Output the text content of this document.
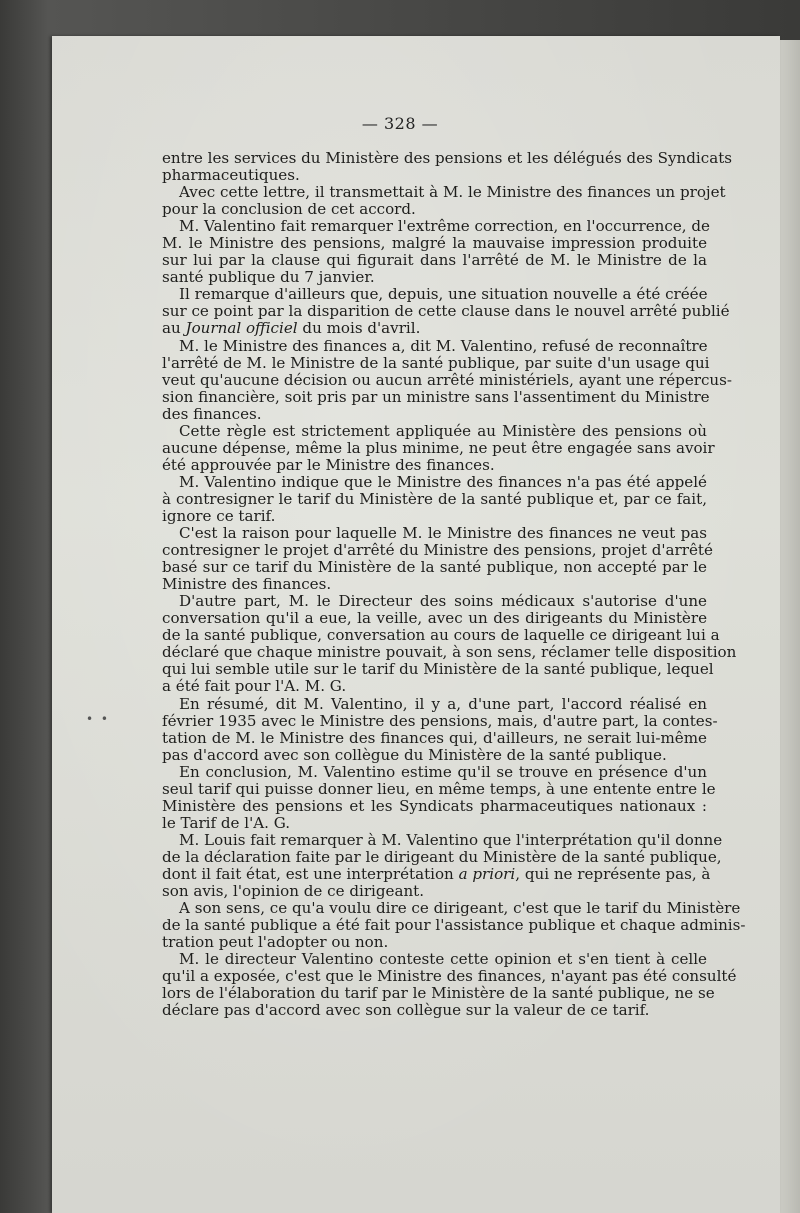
— 328 —
• •
entre les services du Ministère des pensions et les délégués des Syndicats
pharmaceutiques.
Avec cette lettre, il transmettait à M. le Ministre des finances un projet
pour la conclusion de cet accord.
M. Valentino fait remarquer l'extrême correction, en l'occurrence, de
M. le Ministre des pensions, malgré la mauvaise impression produite
sur lui par la clause qui figurait dans l'arrêté de M. le Ministre de la
santé publique du 7 janvier.
Il remarque d'ailleurs que, depuis, une situation nouvelle a été créée
sur ce point par la disparition de cette clause dans le nouvel arrêté publié
au Journal officiel du mois d'avril.
M. le Ministre des finances a, dit M. Valentino, refusé de reconnaître
l'arrêté de M. le Ministre de la santé publique, par suite d'un usage qui
veut qu'aucune décision ou aucun arrêté ministériels, ayant une répercus-
sion financière, soit pris par un ministre sans l'assentiment du Ministre
des finances.
Cette règle est strictement appliquée au Ministère des pensions où
aucune dépense, même la plus minime, ne peut être engagée sans avoir
été approuvée par le Ministre des finances.
M. Valentino indique que le Ministre des finances n'a pas été appelé
à contresigner le tarif du Ministère de la santé publique et, par ce fait,
ignore ce tarif.
C'est la raison pour laquelle M. le Ministre des finances ne veut pas
contresigner le projet d'arrêté du Ministre des pensions, projet d'arrêté
basé sur ce tarif du Ministère de la santé publique, non accepté par le
Ministre des finances.
D'autre part, M. le Directeur des soins médicaux s'autorise d'une
conversation qu'il a eue, la veille, avec un des dirigeants du Ministère
de la santé publique, conversation au cours de laquelle ce dirigeant lui a
déclaré que chaque ministre pouvait, à son sens, réclamer telle disposition
qui lui semble utile sur le tarif du Ministère de la santé publique, lequel
a été fait pour l'A. M. G.
En résumé, dit M. Valentino, il y a, d'une part, l'accord réalisé en
février 1935 avec le Ministre des pensions, mais, d'autre part, la contes-
tation de M. le Ministre des finances qui, d'ailleurs, ne serait lui-même
pas d'accord avec son collègue du Ministère de la santé publique.
En conclusion, M. Valentino estime qu'il se trouve en présence d'un
seul tarif qui puisse donner lieu, en même temps, à une entente entre le
Ministère des pensions et les Syndicats pharmaceutiques nationaux :
le Tarif de l'A. G.
M. Louis fait remarquer à M. Valentino que l'interprétation qu'il donne
de la déclaration faite par le dirigeant du Ministère de la santé publique,
dont il fait état, est une interprétation a priori, qui ne représente pas, à
son avis, l'opinion de ce dirigeant.
A son sens, ce qu'a voulu dire ce dirigeant, c'est que le tarif du Ministère
de la santé publique a été fait pour l'assistance publique et chaque adminis-
tration peut l'adopter ou non.
M. le directeur Valentino conteste cette opinion et s'en tient à celle
qu'il a exposée, c'est que le Ministre des finances, n'ayant pas été consulté
lors de l'élaboration du tarif par le Ministère de la santé publique, ne se
déclare pas d'accord avec son collègue sur la valeur de ce tarif.
